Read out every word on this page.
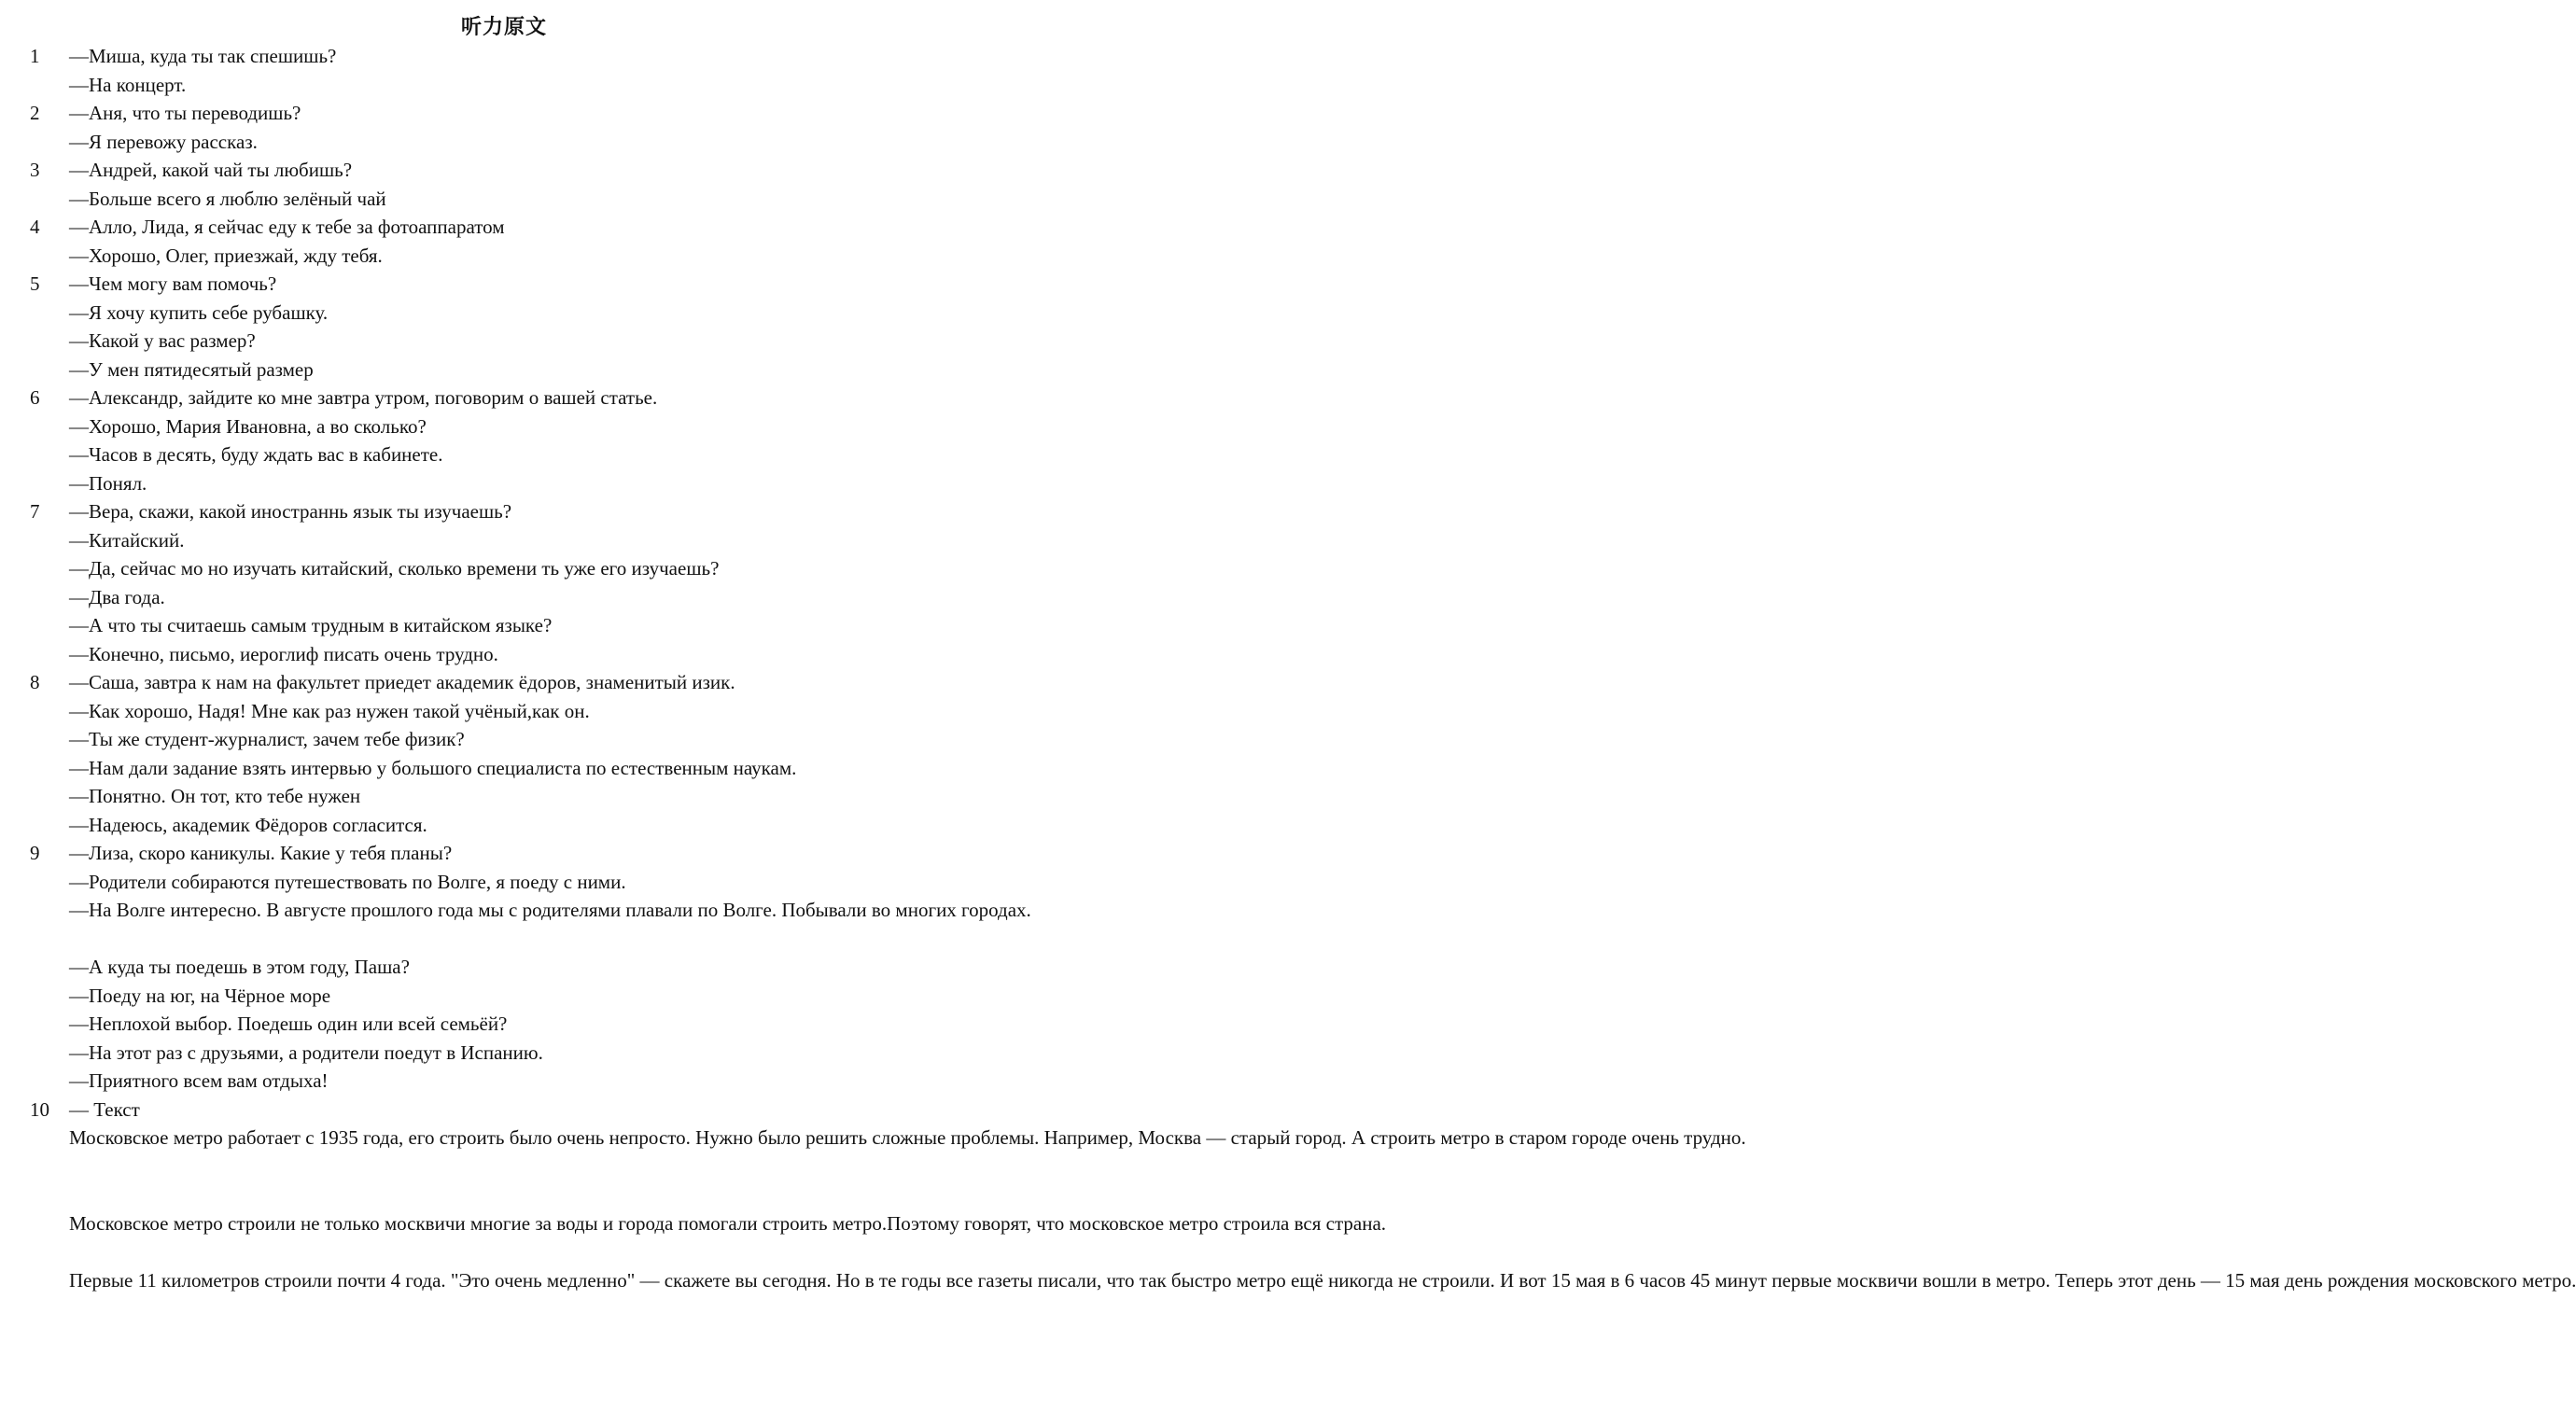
听力原文
1 —Миша, куда ты так спешишь?
—На концерт.
2 —Аня, что ты переводишь?
—Я перевожу рассказ.
3 —Андрей, какой чай ты любишь?
—Больше всего я люблю зелёный чай
4 —Алло, Лида, я сейчас еду к тебе за фотоаппаратом
—Хорошо, Олег, приезжай, жду тебя.
5 —Чем могу вам помочь?
—Я хочу купить себе рубашку.
—Какой у вас размер?
—У мен пятидесятый размер
6 —Александр, зайдите ко мне завтра утром, поговорим о вашей статье.
—Хорошо, Мария Ивановна, а во сколько?
—Часов в десять, буду ждать вас в кабинете.
—Понял.
7 —Вера, скажи, какой иностраннь язык ты изучаешь?
—Китайский.
—Да, сейчас мо но изучать китайский, сколько времени ть уже его изучаешь?
—Два года.
—А что ты считаешь самым трудным в китайском языке?
—Конечно, письмо, иероглиф писать очень трудно.
8 —Саша, завтра к нам на факультет приедет академик ёдоров, знаменитый изик.
—Как хорошо, Надя! Мне как раз нужен такой учёный,как он.
—Ты же студент-журналист, зачем тебе физик?
—Нам дали задание взять интервью у большого специалиста по естественным наукам.
—Понятно. Он тот, кто тебе нужен
—Надеюсь, академик Фёдоров согласится.
9 —Лиза, скоро каникулы. Какие у тебя планы?
—Родители собираются путешествовать по Волге, я поеду с ними.
—На Волге интересно. В августе прошлого года мы с родителями плавали по Волге. Побывали во многих городах.
—А куда ты поедешь в этом году, Паша?
—Поеду на юг, на Чёрное море
—Неплохой выбор. Поедешь один или всей семьёй?
—На этот раз с друзьями, а родители поедут в Испанию.
—Приятного всем вам отдыха!
10 — Текст
Московское метро работает с 1935 года, его строить было очень непросто. Нужно было решить сложные проблемы. Например, Москва — старый город. А строить метро в старом городе очень трудно.
Московское метро строили не только москвичи многие за воды и города помогали строить метро.Поэтому говорят, что московское метро строила вся страна.
Первые 11 километров строили почти 4 года. "Это очень медленно" — скажете вы сегодня. Но в те годы все газеты писали, что так быстро метро ещё никогда не строили. И вот 15 мая в 6 часов 45 минут первые москвичи вошли в метро. Теперь этот день — 15 мая день рождения московского метро.
